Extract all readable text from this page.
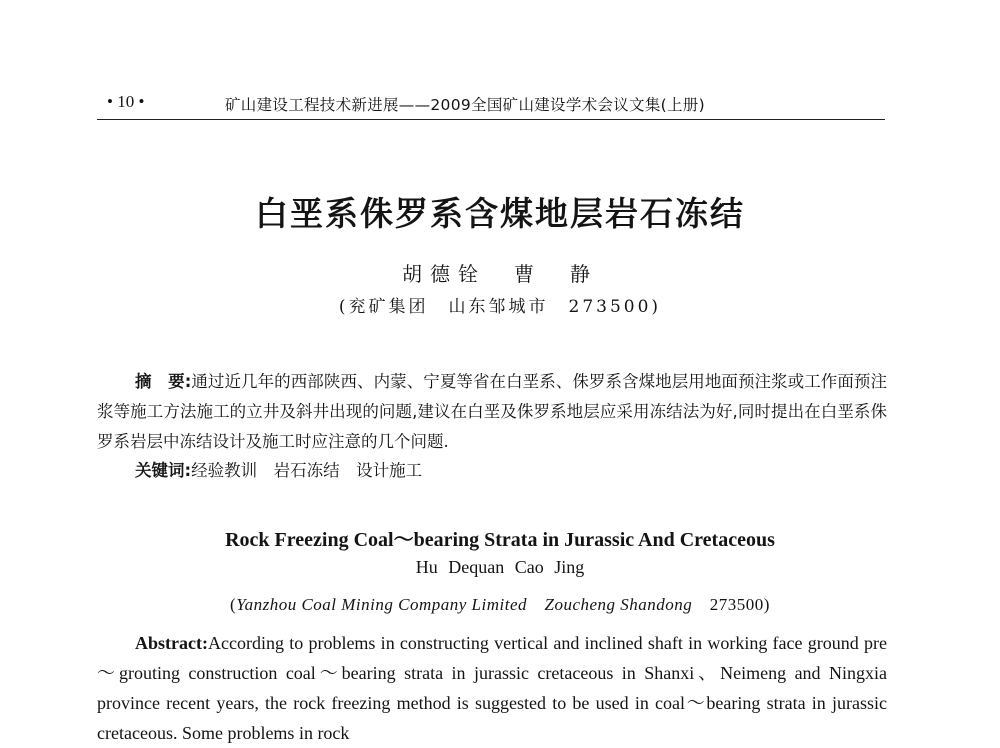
• 10 •	矿山建设工程技术新进展——2009全国矿山建设学术会议文集(上册)
白垩系侏罗系含煤地层岩石冻结
胡德铨　曹　静
(兖矿集团　山东邹城市　273500)
摘　要:通过近几年的西部陕西、内蒙、宁夏等省在白垩系、侏罗系含煤地层用地面预注浆或工作面预注浆等施工方法施工的立井及斜井出现的问题,建议在白垩及侏罗系地层应采用冻结法为好,同时提出在白垩系侏罗系岩层中冻结设计及施工时应注意的几个问题.
关键词:经验教训　岩石冻结　设计施工
Rock Freezing Coal～bearing Strata in Jurassic And Cretaceous
Hu Dequan Cao Jing
(Yanzhou Coal Mining Company Limited　 Zoucheng Shandong　 273500)

Abstract:According to problems in constructing vertical and inclined shaft in working face ground pre～grouting construction coal～bearing strata in jurassic cretaceous in Shanxi、Neimeng and Ningxia province recent years, the rock freezing method is suggested to be used in coal～bearing strata in jurassic cretaceous. Some problems in rock
